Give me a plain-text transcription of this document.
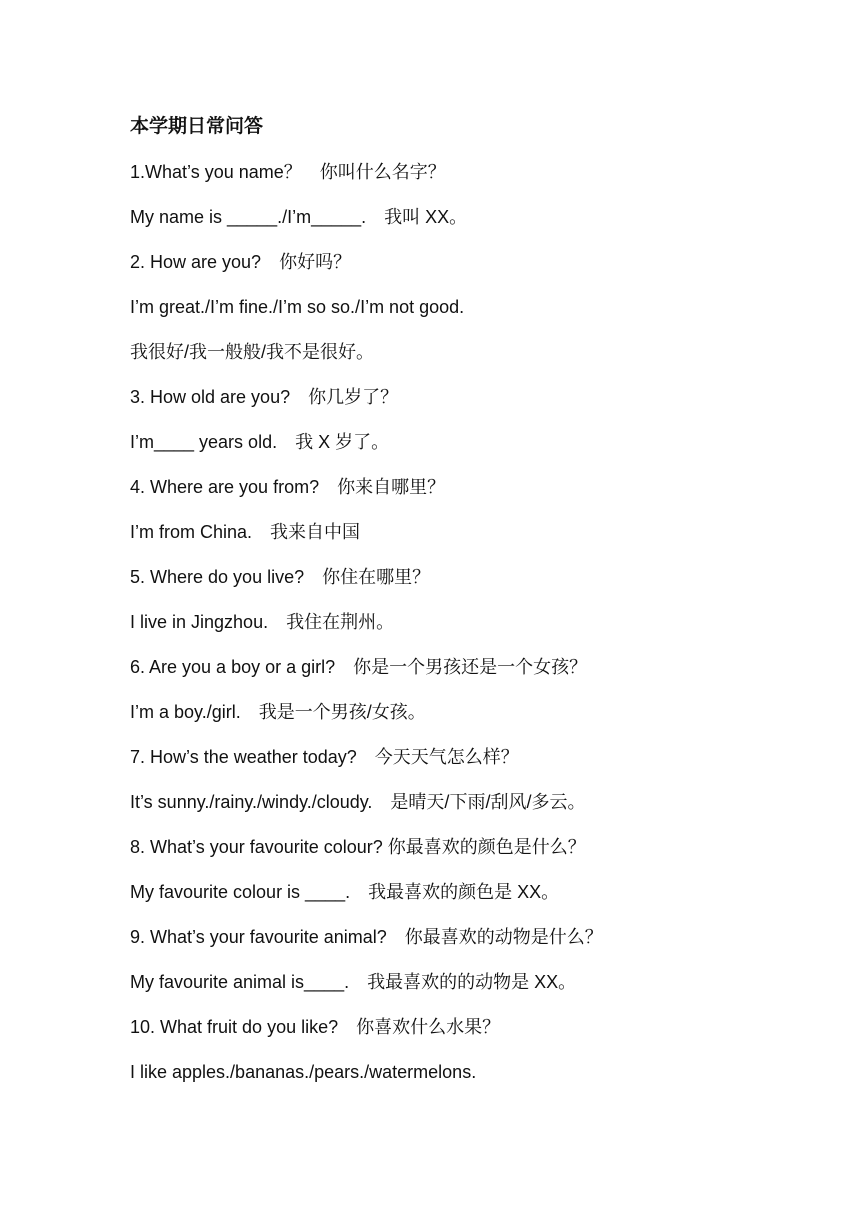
本学期日常问答
1.What’s you name？　你叫什么名字？
My name is _____./I’m_____.　我叫 XX。
2. How are you?　你好吗？
I’m great./I’m fine./I’m so so./I’m not good.
我很好/我一般般/我不是很好。
3. How old are you?　你几岁了？
I’m____ years old.　我 X 岁了。
4. Where are you from?　你来自哪里？
I’m from China.　我来自中国
5. Where do you live?　你住在哪里？
I live in Jingzhou.　我住在荆州。
6. Are you a boy or a girl?　你是一个男孩还是一个女孩？
I’m a boy./girl.　我是一个男孩/女孩。
7. How’s the weather today?　今天天气怎么样？
It’s sunny./rainy./windy./cloudy.　是晴天/下雨/刮风/多云。
8. What’s your favourite colour? 你最喜欢的颜色是什么？
My favourite colour is ____.　我最喜欢的颜色是 XX。
9. What’s your favourite animal?　你最喜欢的动物是什么？
My favourite animal is____.　我最喜欢的的动物是 XX。
10. What fruit do you like?　你喜欢什么水果？
I like apples./bananas./pears./watermelons.
